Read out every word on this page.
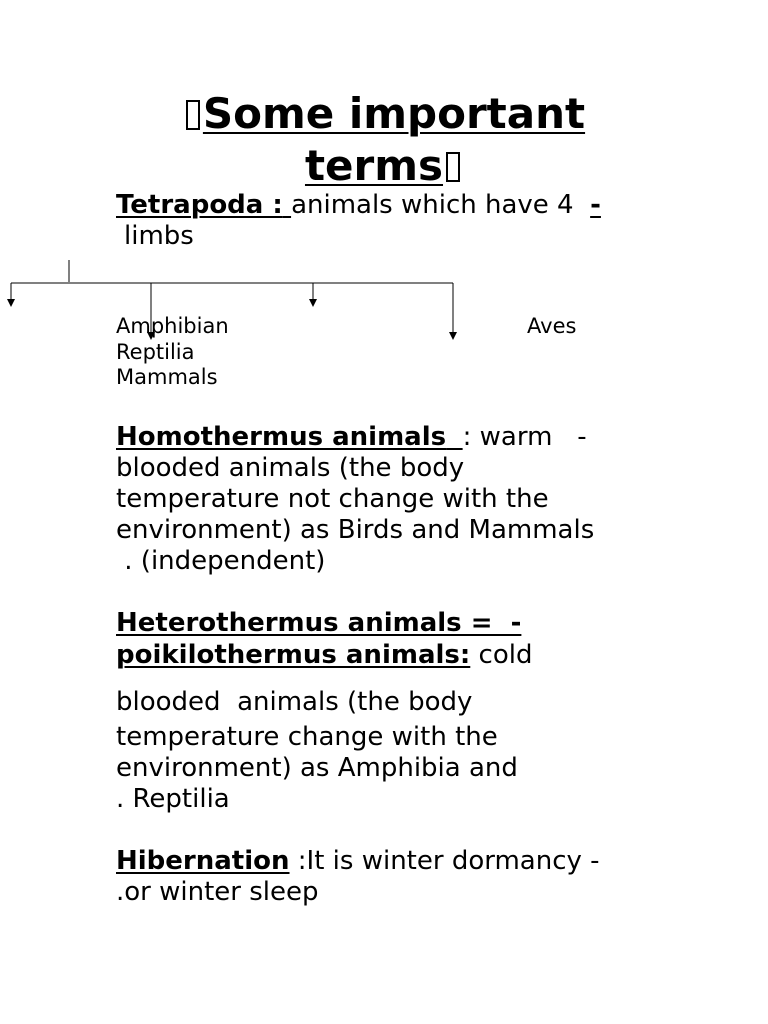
Some important
terms
Tetrapoda : animals which have 4 -
limbs
Amphibian
Reptilia
Mammals
Aves
Homothermus animals : warm   -
blooded animals (the body
temperature not change with the
environment) as Birds and Mammals
. (independent)
Heterothermus animals =  -
poikilothermus animals: cold
blooded  animals (the body
temperature change with the
environment) as Amphibia and
. Reptilia
Hibernation :It is winter dormancy -
.or winter sleep
